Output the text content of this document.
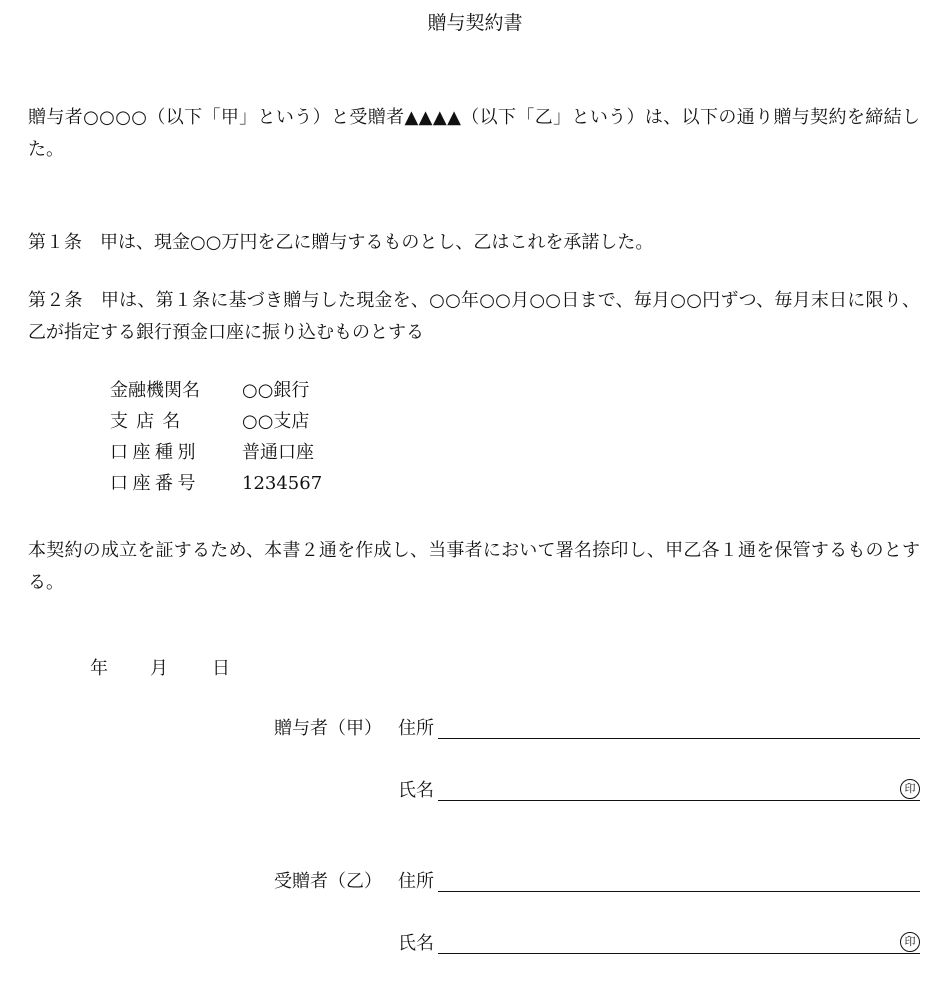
贈与契約書
贈与者○○○○（以下「甲」という）と受贈者▲▲▲▲（以下「乙」という）は、以下の通り贈与契約を締結した。
第１条　甲は、現金○○万円を乙に贈与するものとし、乙はこれを承諾した。
第２条　甲は、第１条に基づき贈与した現金を、○○年○○月○○日まで、毎月○○円ずつ、毎月末日に限り、乙が指定する銀行預金口座に振り込むものとする
金融機関名 ○○銀行
支店名	○○支店
口座種別 普通口座
口座番号 1234567
本契約の成立を証するため、本書２通を作成し、当事者において署名捺印し、甲乙各１通を保管するものとする。
年 月 日
贈与者（甲） 住所
氏名	印
受贈者（乙） 住所
氏名	印
